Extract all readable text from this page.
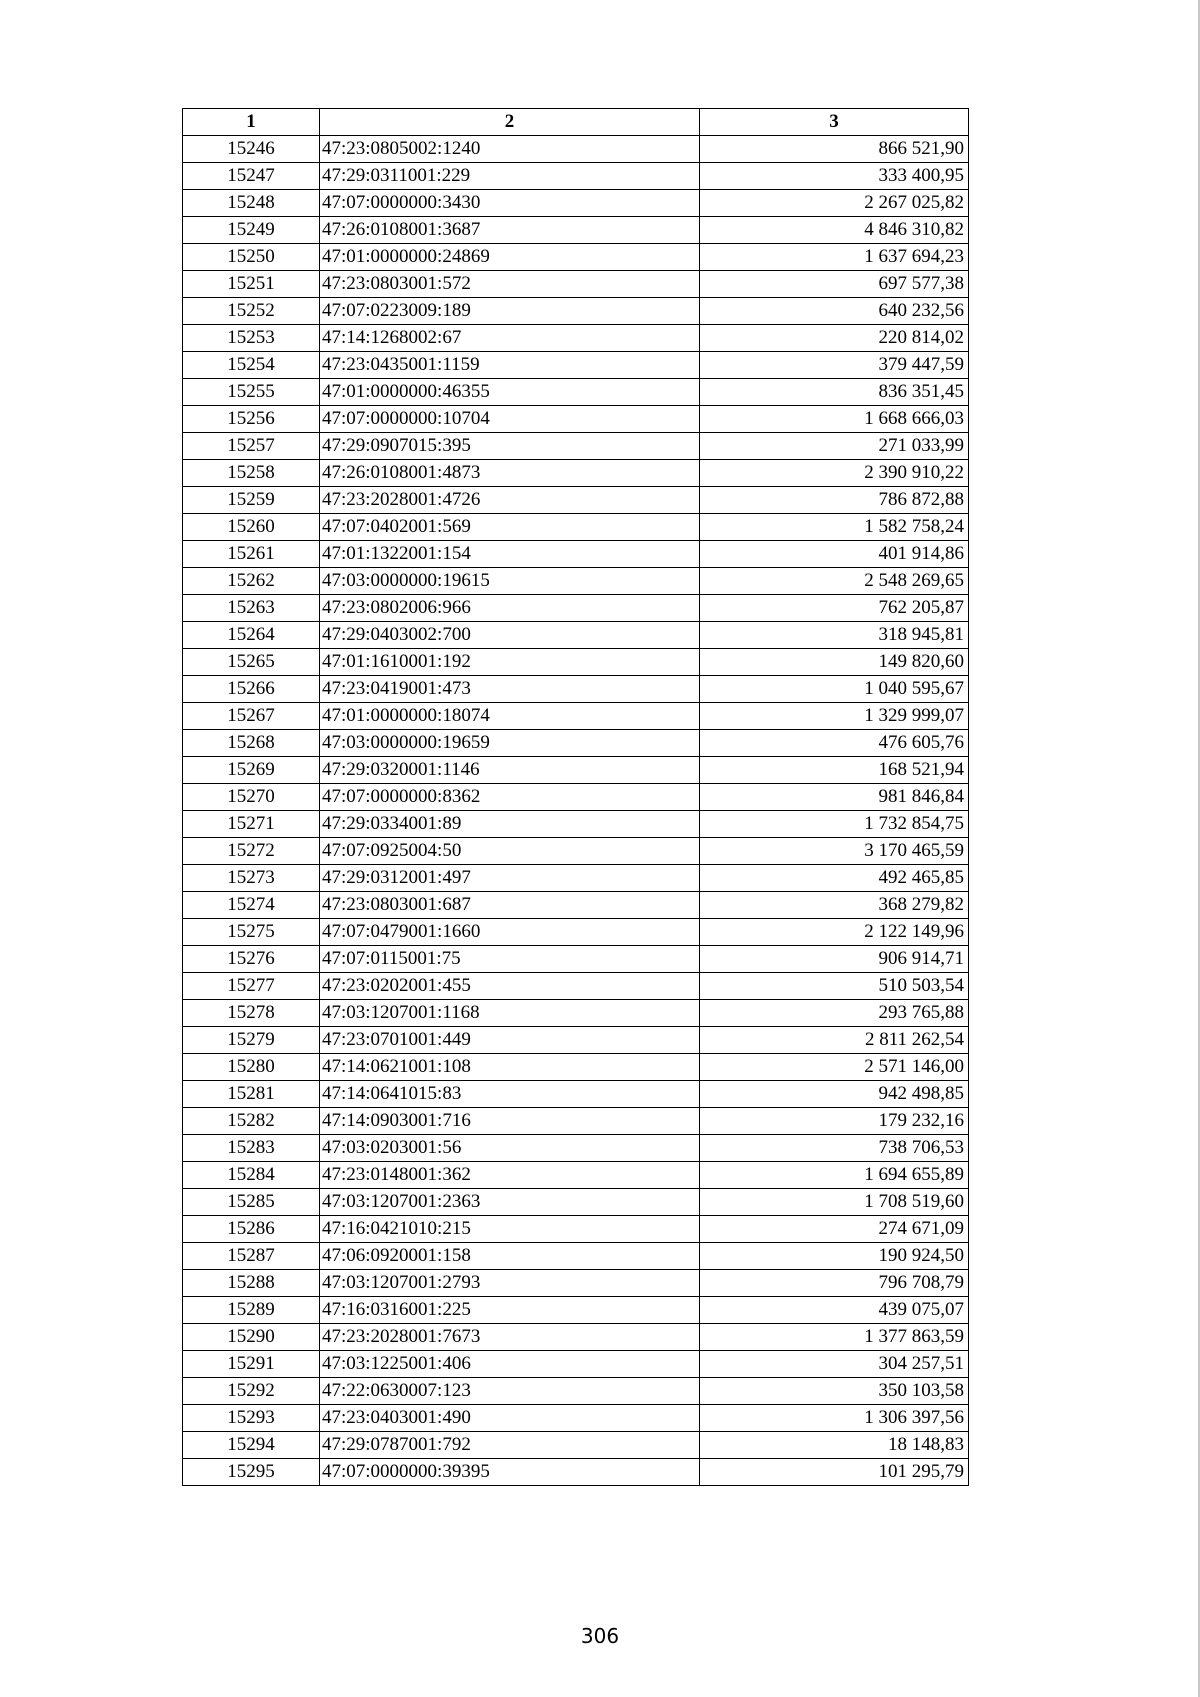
1	2	3
15246	47:23:0805002:1240	866 521,90
15247	47:29:0311001:229	333 400,95
15248	47:07:0000000:3430	2 267 025,82
15249	47:26:0108001:3687	4 846 310,82
15250	47:01:0000000:24869	1 637 694,23
15251	47:23:0803001:572	697 577,38
15252	47:07:0223009:189	640 232,56
15253	47:14:1268002:67	220 814,02
15254	47:23:0435001:1159	379 447,59
15255	47:01:0000000:46355	836 351,45
15256	47:07:0000000:10704	1 668 666,03
15257	47:29:0907015:395	271 033,99
15258	47:26:0108001:4873	2 390 910,22
15259	47:23:2028001:4726	786 872,88
15260	47:07:0402001:569	1 582 758,24
15261	47:01:1322001:154	401 914,86
15262	47:03:0000000:19615	2 548 269,65
15263	47:23:0802006:966	762 205,87
15264	47:29:0403002:700	318 945,81
15265	47:01:1610001:192	149 820,60
15266	47:23:0419001:473	1 040 595,67
15267	47:01:0000000:18074	1 329 999,07
15268	47:03:0000000:19659	476 605,76
15269	47:29:0320001:1146	168 521,94
15270	47:07:0000000:8362	981 846,84
15271	47:29:0334001:89	1 732 854,75
15272	47:07:0925004:50	3 170 465,59
15273	47:29:0312001:497	492 465,85
15274	47:23:0803001:687	368 279,82
15275	47:07:0479001:1660	2 122 149,96
15276	47:07:0115001:75	906 914,71
15277	47:23:0202001:455	510 503,54
15278	47:03:1207001:1168	293 765,88
15279	47:23:0701001:449	2 811 262,54
15280	47:14:0621001:108	2 571 146,00
15281	47:14:0641015:83	942 498,85
15282	47:14:0903001:716	179 232,16
15283	47:03:0203001:56	738 706,53
15284	47:23:0148001:362	1 694 655,89
15285	47:03:1207001:2363	1 708 519,60
15286	47:16:0421010:215	274 671,09
15287	47:06:0920001:158	190 924,50
15288	47:03:1207001:2793	796 708,79
15289	47:16:0316001:225	439 075,07
15290	47:23:2028001:7673	1 377 863,59
15291	47:03:1225001:406	304 257,51
15292	47:22:0630007:123	350 103,58
15293	47:23:0403001:490	1 306 397,56
15294	47:29:0787001:792	18 148,83
15295	47:07:0000000:39395	101 295,79
306
